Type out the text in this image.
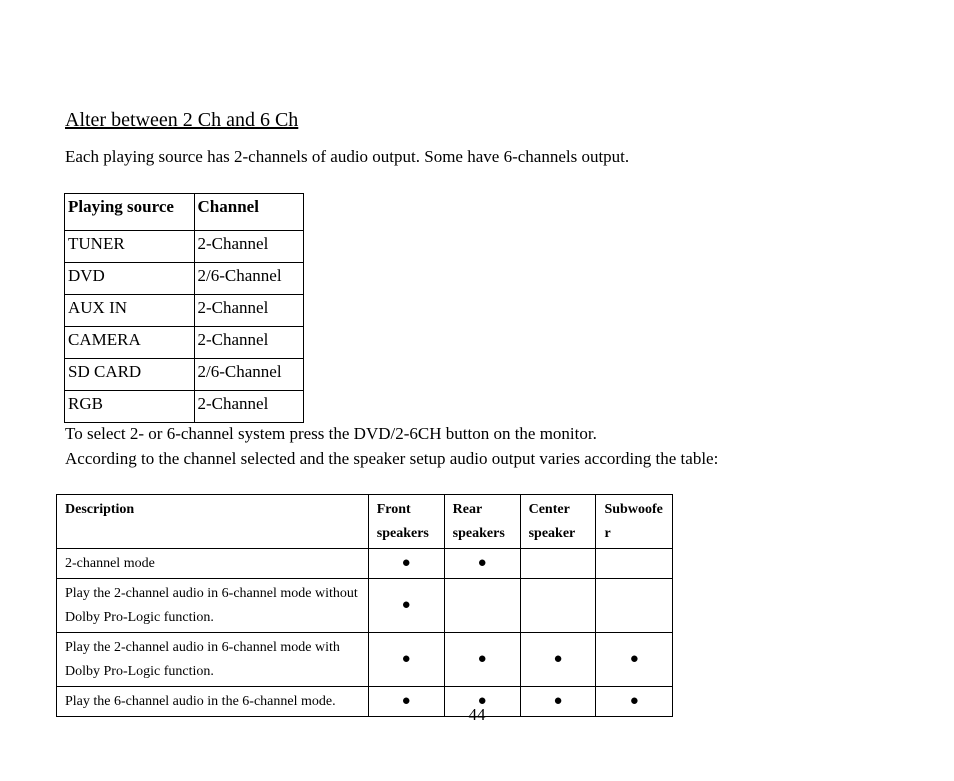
Alter between 2 Ch and 6 Ch
Each playing source has 2-channels of audio output. Some have 6-channels output.
Playing source	Channel
TUNER	2-Channel
DVD	2/6-Channel
AUX IN	2-Channel
CAMERA	2-Channel
SD CARD	2/6-Channel
RGB	2-Channel
To select 2- or 6-channel system press the DVD/2-6CH button on the monitor.
According to the channel selected and the speaker setup audio output varies according the table:
Description	Front speakers	Rear speakers	Center speaker	Subwoofer
2-channel mode	●	●		
Play the 2-channel audio in 6-channel mode without Dolby Pro-Logic function.	●			
Play the 2-channel audio in 6-channel mode with Dolby Pro-Logic function.	●	●	●	●
Play the 6-channel audio in the 6-channel mode.	●	●	●	●
44
